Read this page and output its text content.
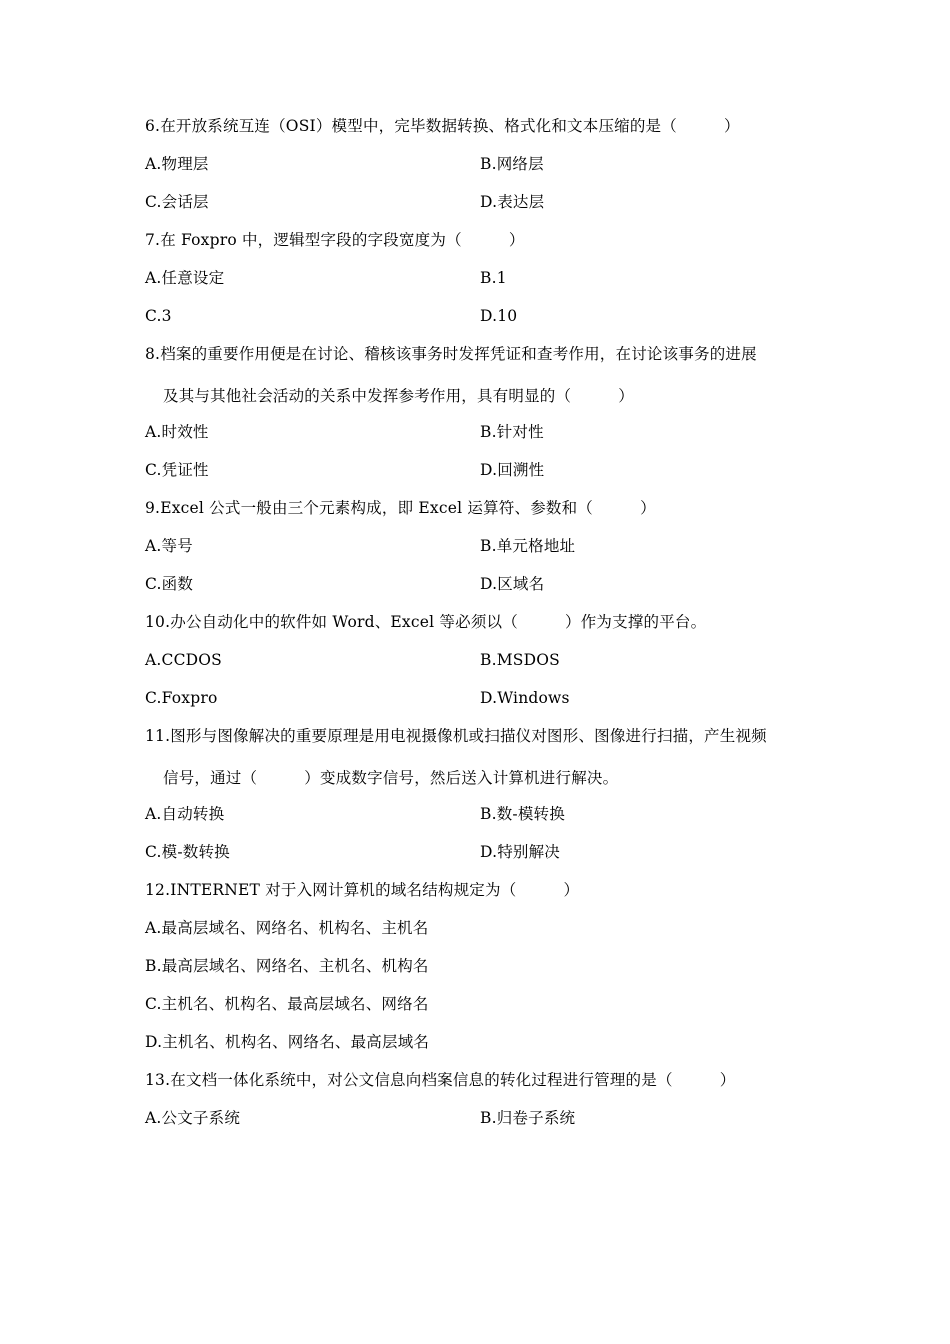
6.在开放系统互连（OSI）模型中，完毕数据转换、格式化和文本压缩的是（　　　）
A.物理层	B.网络层
C.会话层	D.表达层
7.在 Foxpro 中，逻辑型字段的字段宽度为（　　　）
A.任意设定	B.1
C.3	D.10
8.档案的重要作用便是在讨论、稽核该事务时发挥凭证和查考作用，在讨论该事务的进展
及其与其他社会活动的关系中发挥参考作用，具有明显的（　　　）
A.时效性	B.针对性
C.凭证性	D.回溯性
9.Excel 公式一般由三个元素构成，即 Excel 运算符、参数和（　　　）
A.等号	B.单元格地址
C.函数	D.区域名
10.办公自动化中的软件如 Word、Excel 等必须以（　　　）作为支撑的平台。
A.CCDOS	B.MSDOS
C.Foxpro	D.Windows
11.图形与图像解决的重要原理是用电视摄像机或扫描仪对图形、图像进行扫描，产生视频
信号，通过（　　　）变成数字信号，然后送入计算机进行解决。
A.自动转换	B.数-模转换
C.模-数转换	D.特别解决
12.INTERNET 对于入网计算机的域名结构规定为（　　　）
A.最高层域名、网络名、机构名、主机名
B.最高层域名、网络名、主机名、机构名
C.主机名、机构名、最高层域名、网络名
D.主机名、机构名、网络名、最高层域名
13.在文档一体化系统中，对公文信息向档案信息的转化过程进行管理的是（　　　）
A.公文子系统	B.归卷子系统
